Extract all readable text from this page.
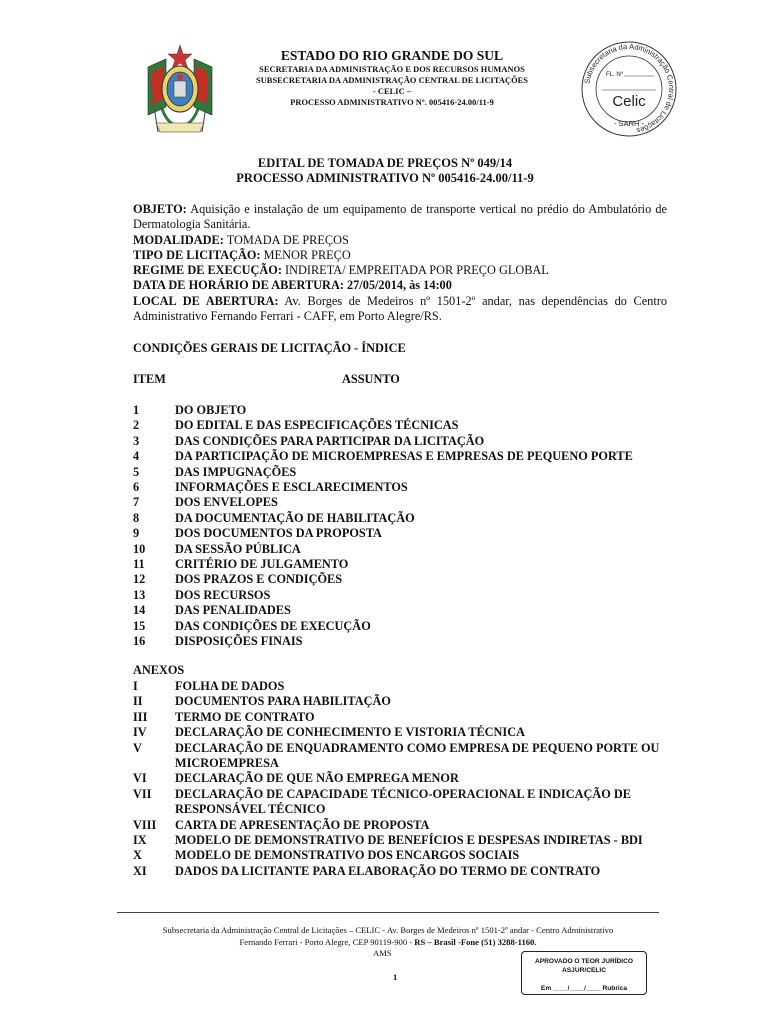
ESTADO DO RIO GRANDE DO SUL
SECRETARIA DA ADMINISTRAÇÃO E DOS RECURSOS HUMANOS
SUBSECRETARIA DA ADMINISTRAÇÃO CENTRAL DE LICITAÇÕES
- CELIC –
PROCESSO ADMINISTRATIVO Nº. 005416-24.00/11-9
Subsecretaria da Administração Central de Licitações
FL. Nº
Celic
- SARH -
EDITAL DE TOMADA DE PREÇOS Nº 049/14
PROCESSO ADMINISTRATIVO Nº 005416-24.00/11-9

OBJETO: Aquisição e instalação de um equipamento de transporte vertical no prédio do Ambulatório de Dermatologia Sanitária.

MODALIDADE: TOMADA DE PREÇOS

TIPO DE LICITAÇÃO: MENOR PREÇO

REGIME DE EXECUÇÃO: INDIRETA/ EMPREITADA POR PREÇO GLOBAL

DATA DE HORÁRIO DE ABERTURA: 27/05/2014, às 14:00

LOCAL DE ABERTURA: Av. Borges de Medeiros nº 1501-2º andar, nas dependências do Centro Administrativo Fernando Ferrari - CAFF, em Porto Alegre/RS.

CONDIÇÕES GERAIS DE LICITAÇÃO - ÍNDICE
ITEM	ASSUNTO
1	DO OBJETO
2	DO EDITAL E DAS ESPECIFICAÇÕES TÉCNICAS
3	DAS CONDIÇÕES PARA PARTICIPAR DA LICITAÇÃO
4	DA PARTICIPAÇÃO DE MICROEMPRESAS E EMPRESAS DE PEQUENO PORTE
5	DAS IMPUGNAÇÕES
6	INFORMAÇÕES E ESCLARECIMENTOS
7	DOS ENVELOPES
8	DA DOCUMENTAÇÃO DE HABILITAÇÃO
9	DOS DOCUMENTOS DA PROPOSTA
10	DA SESSÃO PÚBLICA
11	CRITÉRIO DE JULGAMENTO
12	DOS PRAZOS E CONDIÇÕES
13	DOS RECURSOS
14	DAS PENALIDADES
15	DAS CONDIÇÕES DE EXECUÇÃO
16	DISPOSIÇÕES FINAIS
ANEXOS
I	FOLHA DE DADOS
II	DOCUMENTOS PARA HABILITAÇÃO
III	TERMO DE CONTRATO
IV	DECLARAÇÃO DE CONHECIMENTO E VISTORIA TÉCNICA
V	DECLARAÇÃO DE ENQUADRAMENTO COMO EMPRESA DE PEQUENO PORTE OU MICROEMPRESA
VI	DECLARAÇÃO DE QUE NÃO EMPREGA MENOR
VII	DECLARAÇÃO DE CAPACIDADE TÉCNICO-OPERACIONAL E INDICAÇÃO DE RESPONSÁVEL TÉCNICO
VIII	CARTA DE APRESENTAÇÃO DE PROPOSTA
IX	MODELO DE DEMONSTRATIVO DE BENEFÍCIOS E DESPESAS INDIRETAS - BDI
X	MODELO DE DEMONSTRATIVO DOS ENCARGOS SOCIAIS
XI	DADOS DA LICITANTE PARA ELABORAÇÃO DO TERMO DE CONTRATO
Subsecretaria da Administração Central de Licitações – CELIC - Av. Borges de Medeiros nº 1501-2º andar - Centro Administrativo
Fernando Ferrari - Porto Alegre, CEP 90119-900 - RS – Brasil -Fone (51) 3288-1160.
AMS
1
APROVADO O TEOR JURÍDICO
ASJUR/CELIC
Em ____/____/____ Rubrica
